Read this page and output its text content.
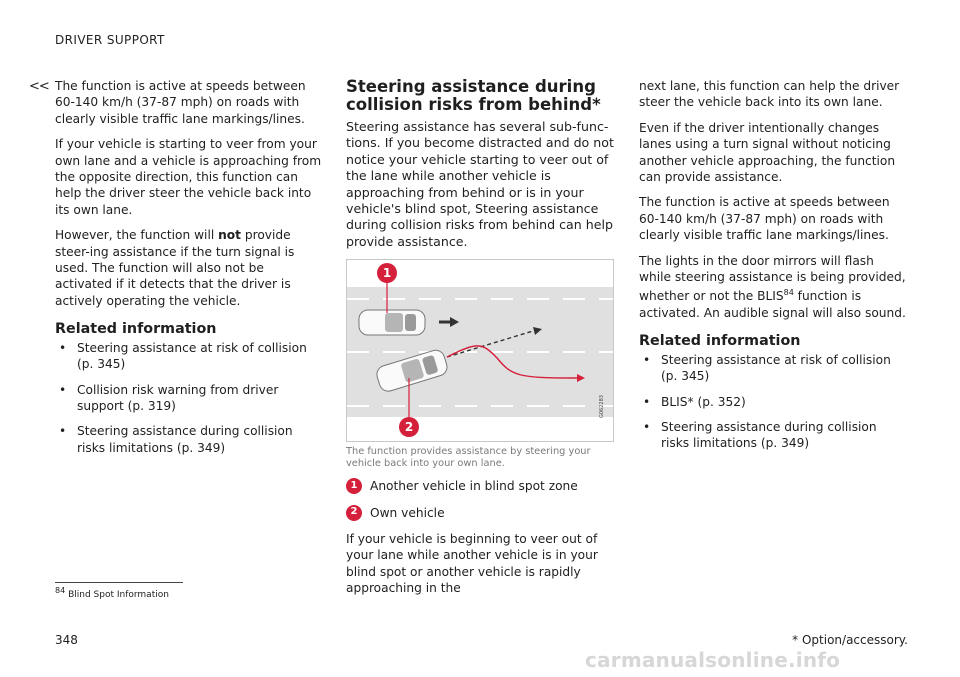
DRIVER SUPPORT
<< The function is active at speeds between 60-140 km/h (37-87 mph) on roads with clearly visible traffic lane markings/lines.

If your vehicle is starting to veer from your own lane and a vehicle is approaching from the opposite direction, this function can help the driver steer the vehicle back into its own lane.

However, the function will not provide steer-ing assistance if the turn signal is used. The function will also not be activated if it detects that the driver is actively operating the vehicle.

Related information
• Steering assistance at risk of collision (p. 345)
• Collision risk warning from driver support (p. 319)
• Steering assistance during collision risks limitations (p. 349)
Steering assistance during collision risks from behind*

Steering assistance has several sub-func-tions. If you become distracted and do not notice your vehicle starting to veer out of the lane while another vehicle is approaching from behind or is in your vehicle's blind spot, Steering assistance during collision risks from behind can help provide assistance.

1
2
G062283
The function provides assistance by steering your vehicle back into your own lane.
1	Another vehicle in blind spot zone
2	Own vehicle

If your vehicle is beginning to veer out of your lane while another vehicle is in your blind spot or another vehicle is rapidly approaching in the

next lane, this function can help the driver steer the vehicle back into its own lane.

Even if the driver intentionally changes lanes using a turn signal without noticing another vehicle approaching, the function can provide assistance.

The function is active at speeds between 60-140 km/h (37-87 mph) on roads with clearly visible traffic lane markings/lines.

The lights in the door mirrors will flash while steering assistance is being provided, whether or not the BLIS$^{84}$ function is activated. An audible signal will also sound.

Related information
• Steering assistance at risk of collision (p. 345)
• BLIS* (p. 352)
• Steering assistance during collision risks limitations (p. 349)
$^{84}$ Blind Spot Information
348	* Option/accessory.
carmanualsonline.info
